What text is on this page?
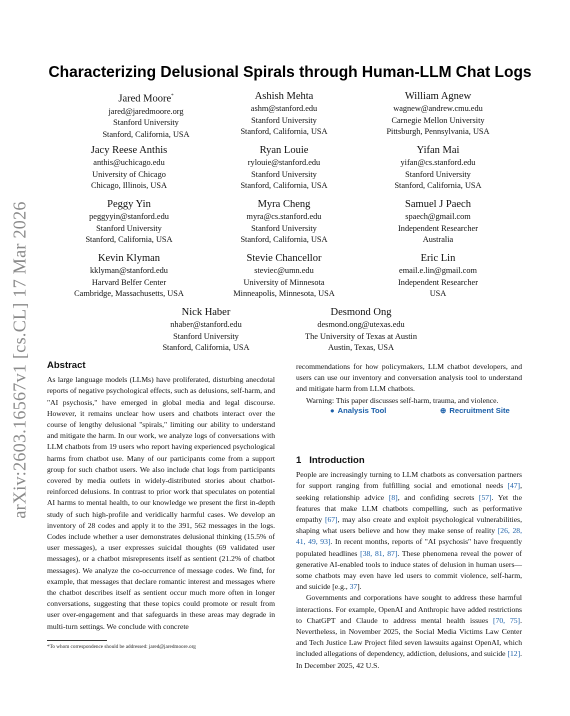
arXiv:2603.16567v1 [cs.CL] 17 Mar 2026
Characterizing Delusional Spirals through Human-LLM Chat Logs
Jared Moore*
jared@jaredmoore.org
Stanford University
Stanford, California, USA
Ashish Mehta
ashm@stanford.edu
Stanford University
Stanford, California, USA
William Agnew
wagnew@andrew.cmu.edu
Carnegie Mellon University
Pittsburgh, Pennsylvania, USA
Jacy Reese Anthis
anthis@uchicago.edu
University of Chicago
Chicago, Illinois, USA
Ryan Louie
rylouie@stanford.edu
Stanford University
Stanford, California, USA
Yifan Mai
yifan@cs.stanford.edu
Stanford University
Stanford, California, USA
Peggy Yin
peggyyin@stanford.edu
Stanford University
Stanford, California, USA
Myra Cheng
myra@cs.stanford.edu
Stanford University
Stanford, California, USA
Samuel J Paech
spaech@gmail.com
Independent Researcher
Australia
Kevin Klyman
kklyman@stanford.edu
Harvard Belfer Center
Cambridge, Massachusetts, USA
Stevie Chancellor
steviec@umn.edu
University of Minnesota
Minneapolis, Minnesota, USA
Eric Lin
email.e.lin@gmail.com
Independent Researcher
USA
Nick Haber
nhaber@stanford.edu
Stanford University
Stanford, California, USA
Desmond Ong
desmond.ong@utexas.edu
The University of Texas at Austin
Austin, Texas, USA
Abstract

As large language models (LLMs) have proliferated, disturbing anecdotal reports of negative psychological effects, such as delusions, self-harm, and "AI psychosis," have emerged in global media and legal discourse. However, it remains unclear how users and chatbots interact over the course of lengthy delusional "spirals," limiting our ability to understand and mitigate the harm. In our work, we analyze logs of conversations with LLM chatbots from 19 users who report having experienced psychological harms from chatbot use. Many of our participants come from a support group for such chatbot users. We also include chat logs from participants covered by media outlets in widely-distributed stories about chatbot-reinforced delusions. In contrast to prior work that speculates on potential AI harms to mental health, to our knowledge we present the first in-depth study of such high-profile and veridically harmful cases. We develop an inventory of 28 codes and apply it to the 391, 562 messages in the logs. Codes include whether a user demonstrates delusional thinking (15.5% of user messages), a user expresses suicidal thoughts (69 validated user messages), or a chatbot misrepresents itself as sentient (21.2% of chatbot messages). We analyze the co-occurrence of message codes. We find, for example, that messages that declare romantic interest and messages where the chatbot describes itself as sentient occur much more often in longer conversations, suggesting that these topics could promote or result from user over-engagement and that safeguards in these areas may degrade in multi-turn settings. We conclude with concrete

recommendations for how policymakers, LLM chatbot developers, and users can use our inventory and conversation analysis tool to understand and mitigate harm from LLM chatbots.

Warning: This paper discusses self-harm, trauma, and violence.

● Analysis Tool	⊕ Recruitment Site
1 Introduction

People are increasingly turning to LLM chatbots as conversation partners for support ranging from fulfilling social and emotional needs [47], seeking relationship advice [8], and confiding secrets [57]. Yet the features that make LLM chatbots compelling, such as performative empathy [67], may also create and exploit psychological vulnerabilities, shaping what users believe and how they make sense of reality [26, 28, 41, 49, 93]. In recent months, reports of "AI psychosis" have frequently populated headlines [38, 81, 87]. These phenomena reveal the power of generative AI-enabled tools to induce states of delusion in human users—some chatbots may even have led users to commit violence, self-harm, and suicide [e.g., 37].

Governments and corporations have sought to address these harmful interactions. For example, OpenAI and Anthropic have added restrictions to ChatGPT and Claude to address mental health issues [70, 75]. Nevertheless, in November 2025, the Social Media Victims Law Center and Tech Justice Law Project filed seven lawsuits against OpenAI, which included allegations of dependency, addiction, delusions, and suicide [12]. In December 2025, 42 U.S.

*To whom correspondence should be addressed: jared@jaredmoore.org
